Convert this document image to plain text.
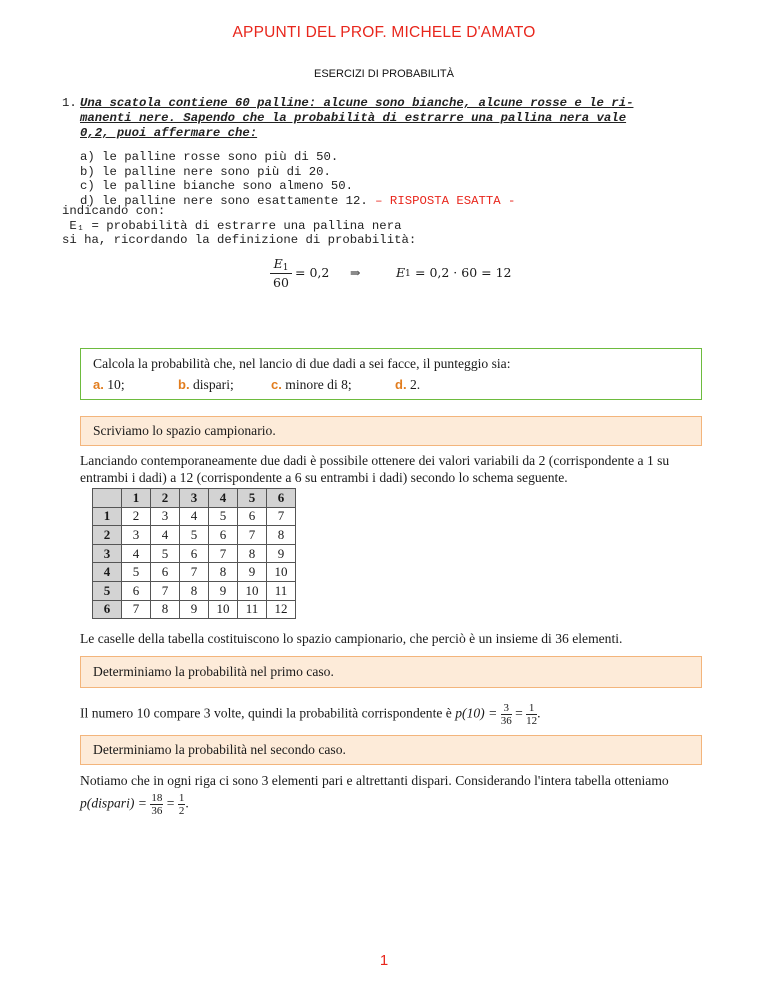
APPUNTI DEL PROF. MICHELE D'AMATO
ESERCIZI DI PROBABILITÀ
1. Una scatola contiene 60 palline: alcune sono bianche, alcune rosse e le ri-
manenti nere. Sapendo che la probabilità di estrarre una pallina nera vale
0,2, puoi affermare che:
a) le palline rosse sono più di 50.
b) le palline nere sono più di 20.
c) le palline bianche sono almeno 50.
d) le palline nere sono esattamente 12. – RISPOSTA ESATTA -
indicando con:
E₁ = probabilità di estrarre una pallina nera
si ha, ricordando la definizione di probabilità:
$\frac{E_1}{60} = 0,2$ ⇒	E 1 = 0,2 · 60 = 12
Calcola la probabilità che, nel lancio di due dadi a sei facce, il punteggio sia:
a. 10;	b. dispari;	c. minore di 8;	d. 2.
Scriviamo lo spazio campionario.
Lanciando contemporaneamente due dadi è possibile ottenere dei valori variabili da 2 (corrispondente a 1 su entrambi i dadi) a 12 (corrispondente a 6 su entrambi i dadi) secondo lo schema seguente.
	1	2	3	4	5	6
1	2	3	4	5	6	7
2	3	4	5	6	7	8
3	4	5	6	7	8	9
4	5	6	7	8	9	10
5	6	7	8	9	10	11
6	7	8	9	10	11	12
Le caselle della tabella costituiscono lo spazio campionario, che perciò è un insieme di 36 elementi.
Determiniamo la probabilità nel primo caso.
Il numero 10 compare 3 volte, quindi la probabilità corrispondente è $p(10) = \frac{3}{36} = \frac{1}{12}$ .
Determiniamo la probabilità nel secondo caso.
Notiamo che in ogni riga ci sono 3 elementi pari e altrettanti dispari. Considerando l'intera tabella otteniamo
p(dispari) = $\frac{18}{36} = \frac{1}{2}$ .
1
